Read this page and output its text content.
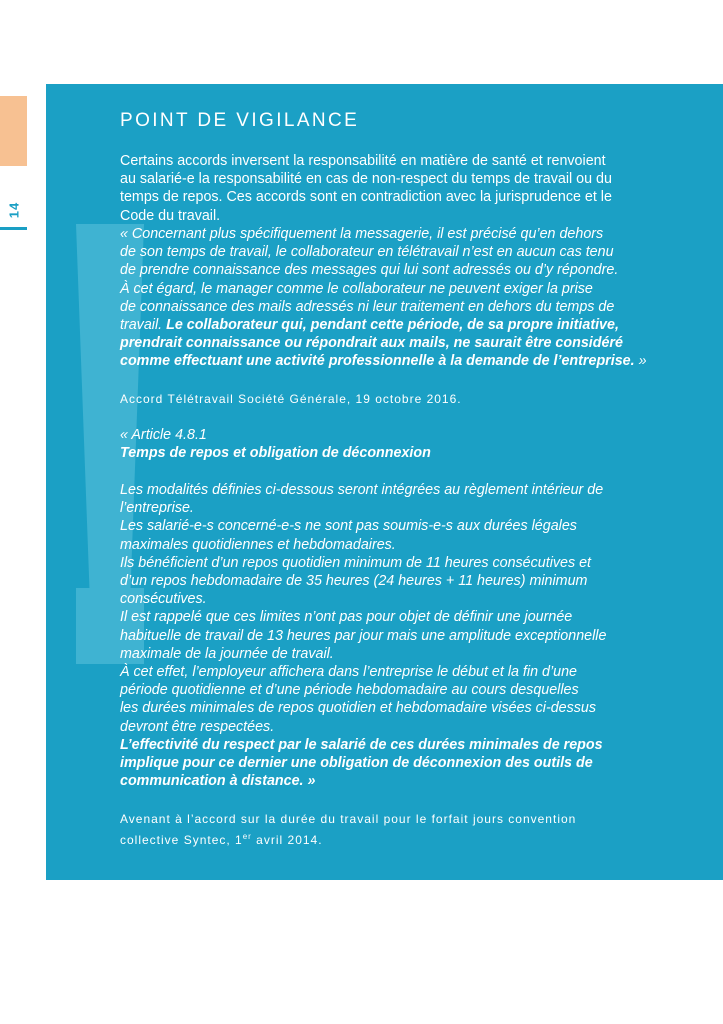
14
POINT DE VIGILANCE
Certains accords inversent la responsabilité en matière de santé et renvoient
au salarié-e la responsabilité en cas de non-respect du temps de travail ou du
temps de repos. Ces accords sont en contradiction avec la jurisprudence et le
Code du travail.
« Concernant plus spécifiquement la messagerie, il est précisé qu’en dehors
de son temps de travail, le collaborateur en télétravail n’est en aucun cas tenu
de prendre connaissance des messages qui lui sont adressés ou d’y répondre.
À cet égard, le manager comme le collaborateur ne peuvent exiger la prise
de connaissance des mails adressés ni leur traitement en dehors du temps de
travail. Le collaborateur qui, pendant cette période, de sa propre initiative,
prendrait connaissance ou répondrait aux mails, ne saurait être considéré
comme effectuant une activité professionnelle à la demande de l’entreprise. »
Accord Télétravail Société Générale, 19 octobre 2016.
« Article 4.8.1
Temps de repos et obligation de déconnexion
Les modalités définies ci-dessous seront intégrées au règlement intérieur de
l’entreprise.
Les salarié-e-s concerné-e-s ne sont pas soumis-e-s aux durées légales
maximales quotidiennes et hebdomadaires.
Ils bénéficient d’un repos quotidien minimum de 11 heures consécutives et
d’un repos hebdomadaire de 35 heures (24 heures + 11 heures) minimum
consécutives.
Il est rappelé que ces limites n’ont pas pour objet de définir une journée
habituelle de travail de 13 heures par jour mais une amplitude exceptionnelle
maximale de la journée de travail.
À cet effet, l’employeur affichera dans l’entreprise le début et la fin d’une
période quotidienne et d’une période hebdomadaire au cours desquelles
les durées minimales de repos quotidien et hebdomadaire visées ci-dessus
devront être respectées.
L’effectivité du respect par le salarié de ces durées minimales de repos
implique pour ce dernier une obligation de déconnexion des outils de
communication à distance. »
Avenant à l’accord sur la durée du travail pour le forfait jours convention
collective Syntec, 1er avril 2014.
